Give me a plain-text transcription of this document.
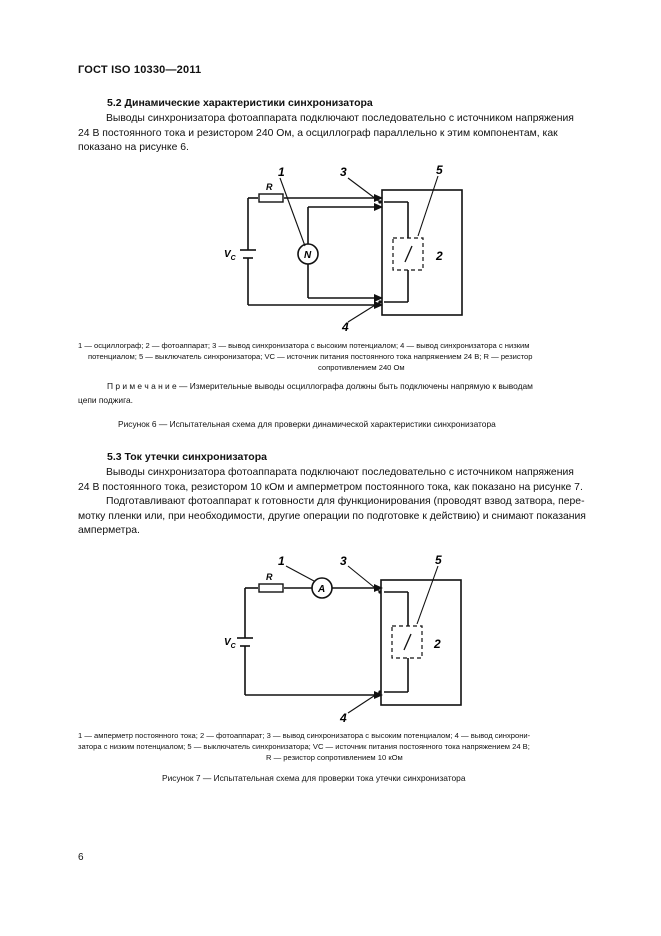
ГОСТ ISO 10330—2011
5.2 Динамические характеристики синхронизатора
Выводы синхронизатора фотоаппарата подключают последовательно с источником напряжения
24 В постоянного тока и резистором 240 Ом, а осциллограф параллельно к этим компонентам, как
показано на рисунке 6.
1	3	5
2
4
R
N
$V_C$
1 — осциллограф; 2 — фотоаппарат; 3 — вывод синхронизатора с высоким потенциалом; 4 — вывод синхронизатора с низким
потенциалом; 5 — выключатель синхронизатора; VC — источник питания постоянного тока напряжением 24 В; R — резистор
сопротивлением 240 Ом
П р и м е ч а н и е — Измерительные выводы осциллографа должны быть подключены напрямую к выводам
цепи поджига.
Рисунок 6 — Испытательная схема для проверки динамической характеристики синхронизатора
5.3 Ток утечки синхронизатора
Выводы синхронизатора фотоаппарата подключают последовательно с источником напряжения
24 В постоянного тока, резистором 10 кОм и амперметром постоянного тока, как показано на рисунке 7.
Подготавливают фотоаппарат к готовности для функционирования (проводят взвод затвора, пере-
мотку пленки или, при необходимости, другие операции по подготовке к действию) и снимают показания
амперметра.
1	3	5
2
4
R
A
$V_C$
1 — амперметр постоянного тока; 2 — фотоаппарат; 3 — вывод синхронизатора с высоким потенциалом; 4 — вывод синхрони-
затора с низким потенциалом; 5 — выключатель синхронизатора; VC — источник питания постоянного тока напряжением 24 В;
R — резистор сопротивлением 10 кОм
Рисунок 7 — Испытательная схема для проверки тока утечки синхронизатора
6
